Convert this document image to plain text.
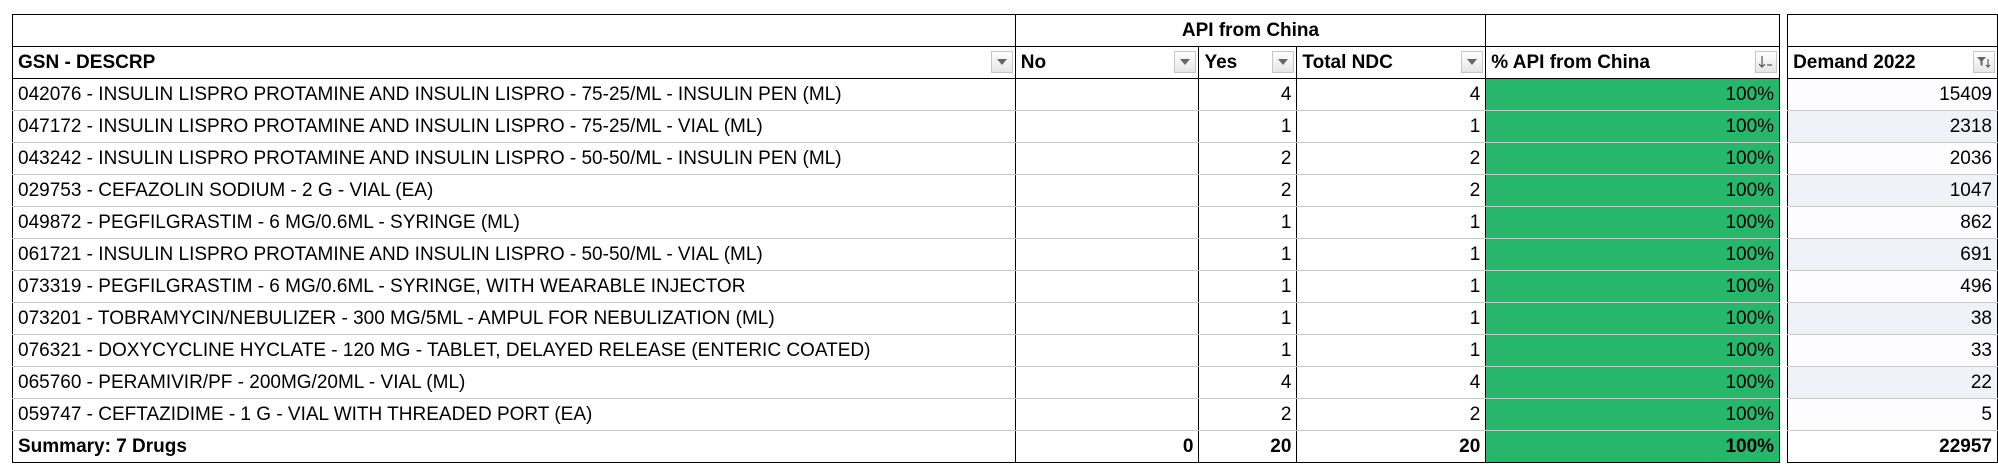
	API from China					
GSN - DESCRP	No	Yes	Total NDC	% API from China		Demand 2022

042076 - INSULIN LISPRO PROTAMINE AND INSULIN LISPRO - 75-25/ML - INSULIN PEN (ML)		4	4	100%		15409
047172 - INSULIN LISPRO PROTAMINE AND INSULIN LISPRO - 75-25/ML - VIAL (ML)		1	1	100%		2318
043242 - INSULIN LISPRO PROTAMINE AND INSULIN LISPRO - 50-50/ML - INSULIN PEN (ML)		2	2	100%		2036
029753 - CEFAZOLIN SODIUM - 2 G - VIAL (EA)		2	2	100%		1047
049872 - PEGFILGRASTIM - 6 MG/0.6ML - SYRINGE (ML)		1	1	100%		862
061721 - INSULIN LISPRO PROTAMINE AND INSULIN LISPRO - 50-50/ML - VIAL (ML)		1	1	100%		691
073319 - PEGFILGRASTIM - 6 MG/0.6ML - SYRINGE, WITH WEARABLE INJECTOR		1	1	100%		496
073201 - TOBRAMYCIN/NEBULIZER - 300 MG/5ML - AMPUL FOR NEBULIZATION (ML)		1	1	100%		38
076321 - DOXYCYCLINE HYCLATE - 120 MG - TABLET, DELAYED RELEASE (ENTERIC COATED)		1	1	100%		33
065760 - PERAMIVIR/PF - 200MG/20ML - VIAL (ML)		4	4	100%		22
059747 - CEFTAZIDIME - 1 G - VIAL WITH THREADED PORT (EA)		2	2	100%		5
Summary: 7 Drugs	0	20	20	100%		22957
